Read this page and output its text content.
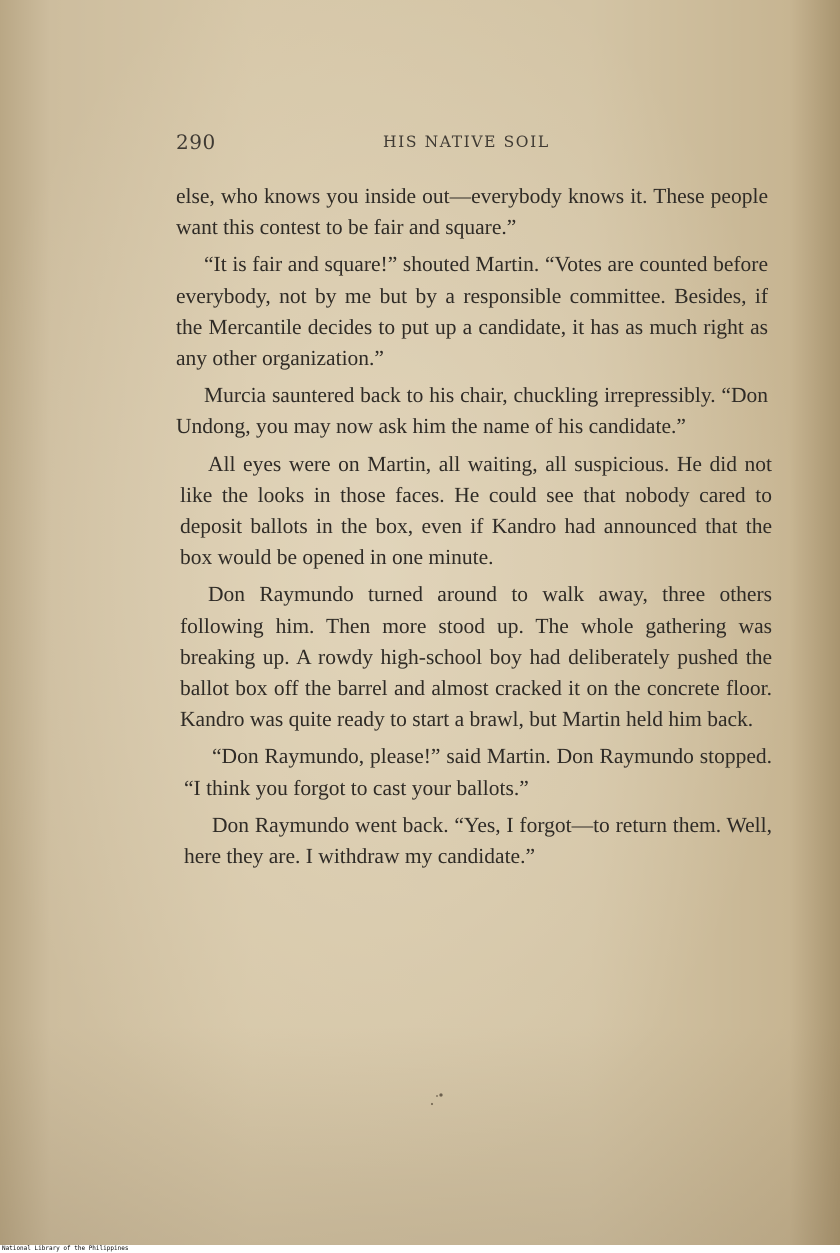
290	HIS NATIVE SOIL

else, who knows you inside out—everybody knows it. These people want this contest to be fair and square.”

“It is fair and square!” shouted Martin. “Votes are counted before everybody, not by me but by a responsible committee. Besides, if the Mercantile decides to put up a candidate, it has as much right as any other organization.”

Murcia sauntered back to his chair, chuckling irrepressibly. “Don Undong, you may now ask him the name of his candidate.”

All eyes were on Martin, all waiting, all suspicious. He did not like the looks in those faces. He could see that nobody cared to deposit ballots in the box, even if Kandro had announced that the box would be opened in one minute.

Don Raymundo turned around to walk away, three others following him. Then more stood up. The whole gathering was breaking up. A rowdy high-school boy had deliberately pushed the ballot box off the barrel and almost cracked it on the concrete floor. Kandro was quite ready to start a brawl, but Martin held him back.

“Don Raymundo, please!” said Martin. Don Raymundo stopped. “I think you forgot to cast your ballots.”

Don Raymundo went back. “Yes, I forgot—to return them. Well, here they are. I withdraw my candidate.”

National Library of the Philippines
